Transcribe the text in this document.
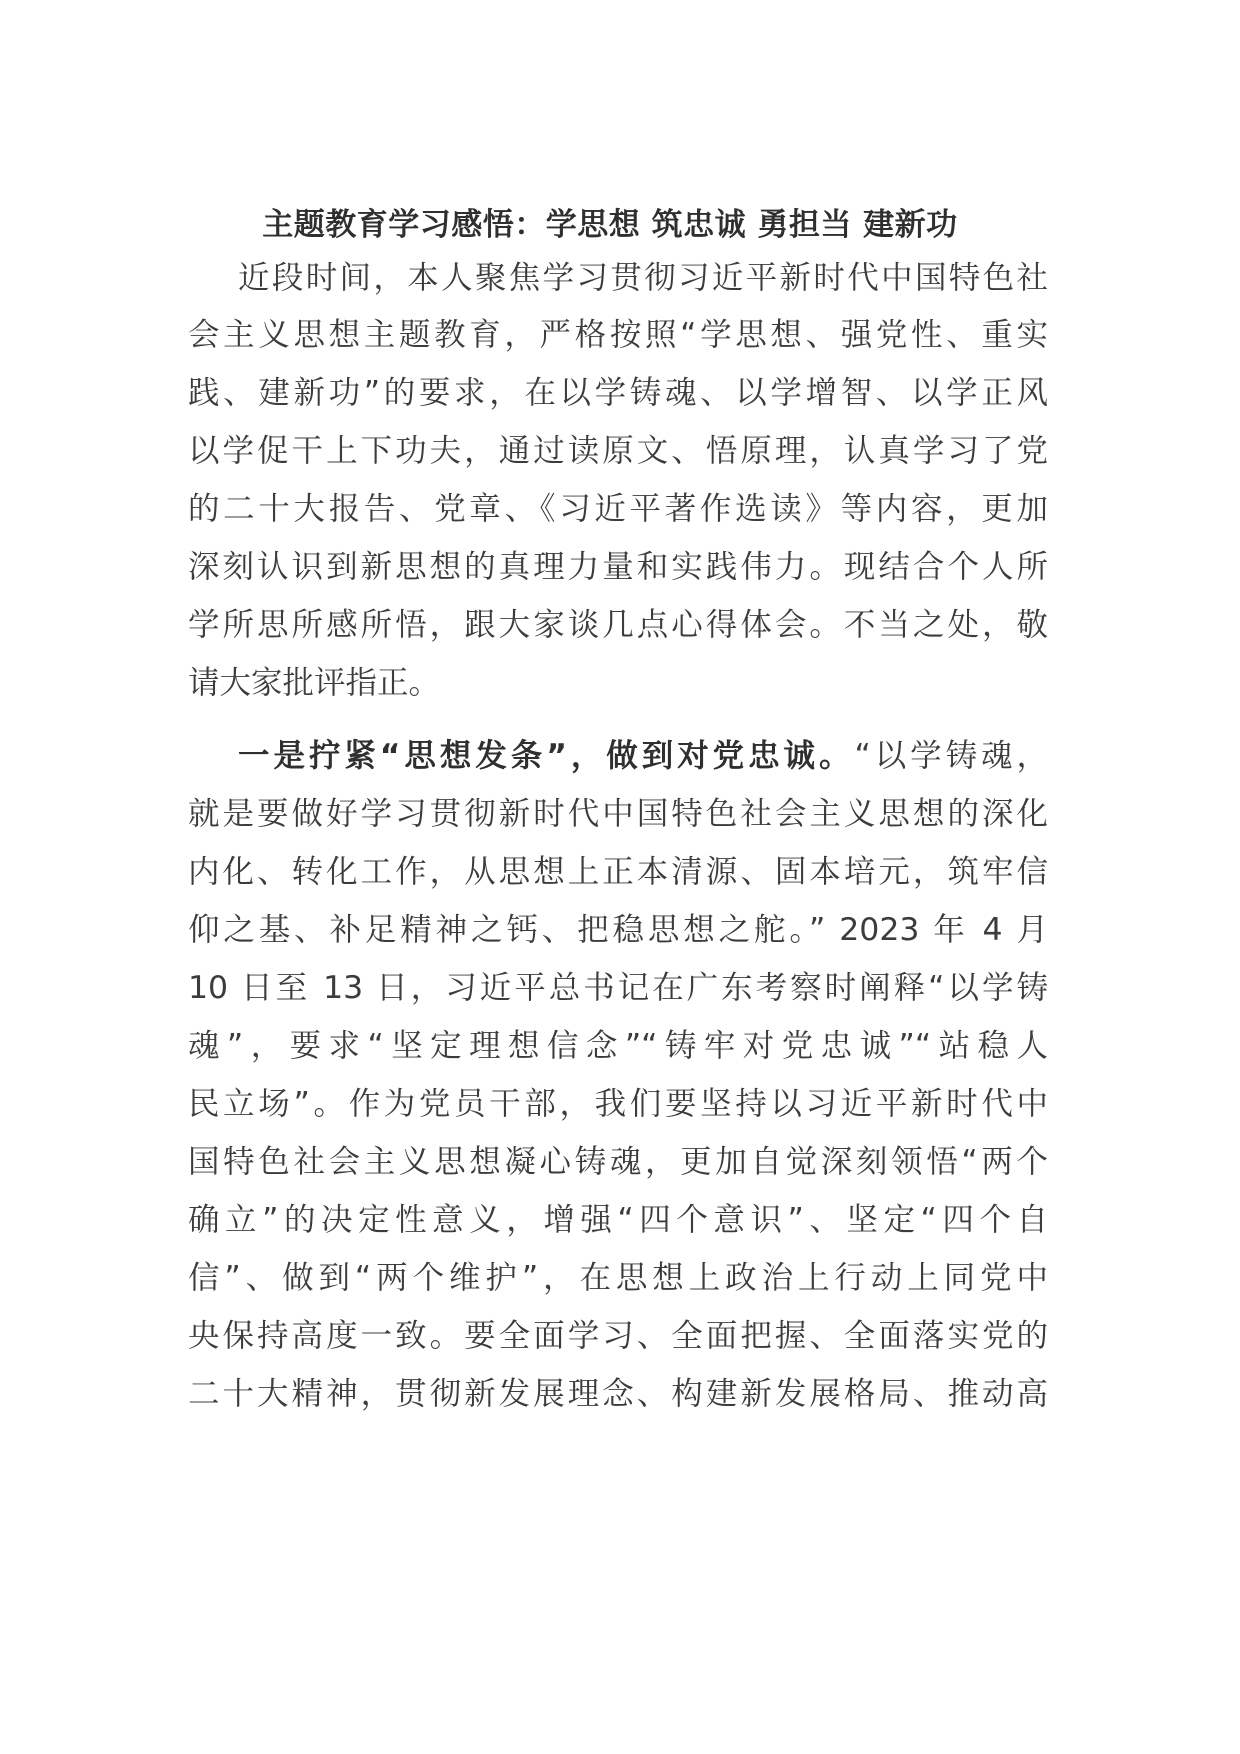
主题教育学习感悟：学思想 筑忠诚 勇担当 建新功
近段时间，本人聚焦学习贯彻习近平新时代中国特色社
会主义思想主题教育，严格按照“学思想、强党性、重实
践、建新功”的要求，在以学铸魂、以学增智、以学正风
以学促干上下功夫，通过读原文、悟原理，认真学习了党
的二十大报告、党章、《习近平著作选读》等内容，更加
深刻认识到新思想的真理力量和实践伟力。现结合个人所
学所思所感所悟，跟大家谈几点心得体会。不当之处，敬
请大家批评指正。
一是拧紧“思想发条”，做到对党忠诚。“以学铸魂，
就是要做好学习贯彻新时代中国特色社会主义思想的深化
内化、转化工作，从思想上正本清源、固本培元，筑牢信
仰之基、补足精神之钙、把稳思想之舵。” 2023 年 4 月
10 日至 13 日，习近平总书记在广东考察时阐释“以学铸
魂”，要求“坚定理想信念”“铸牢对党忠诚”“站稳人
民立场”。作为党员干部，我们要坚持以习近平新时代中
国特色社会主义思想凝心铸魂，更加自觉深刻领悟“两个
确立”的决定性意义，增强“四个意识”、坚定“四个自
信”、做到“两个维护”，在思想上政治上行动上同党中
央保持高度一致。要全面学习、全面把握、全面落实党的
二十大精神，贯彻新发展理念、构建新发展格局、推动高
